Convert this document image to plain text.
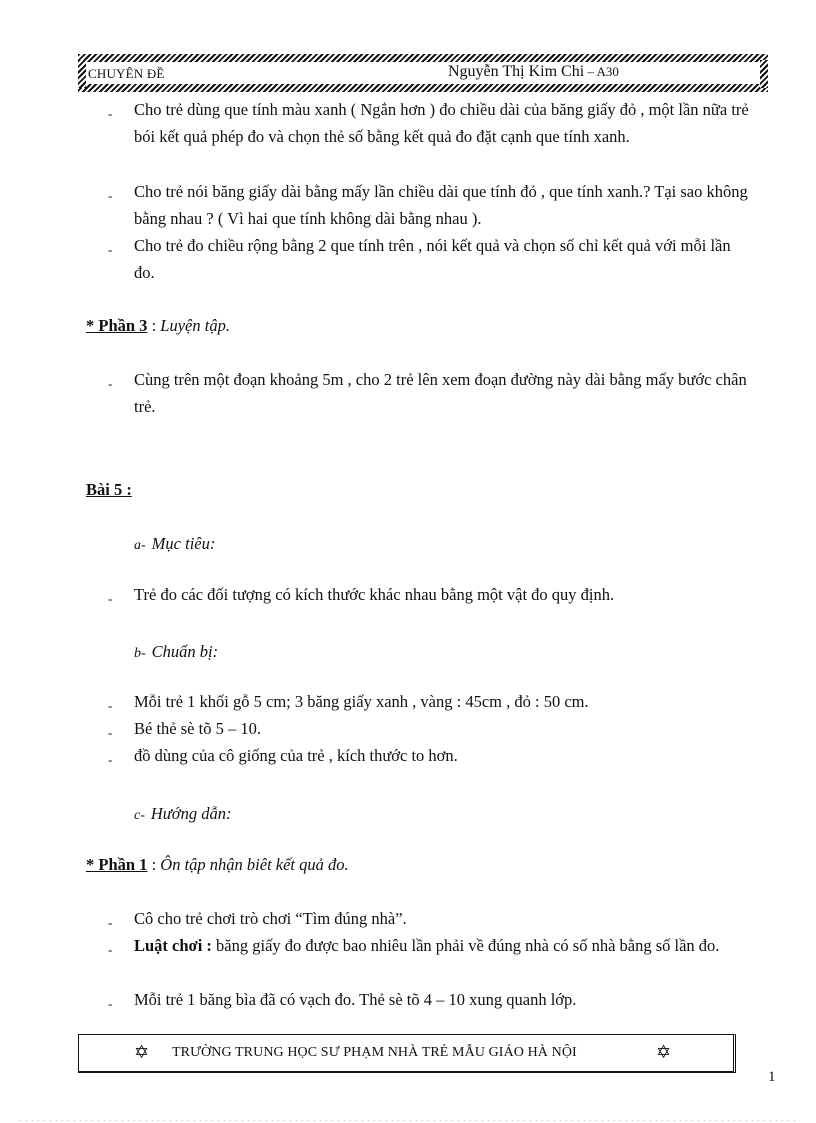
CHUYÊN ĐỀ	Nguyễn Thị Kim Chi – A30
- Cho trẻ dùng que tính màu xanh ( Ngắn hơn ) đo chiều dài của băng giấy đỏ , một lần nữa trẻ bói kết quả phép đo và chọn thẻ số bằng kết quả đo đặt cạnh que tính xanh.
- Cho trẻ nói băng giấy dài bằng mấy lần chiều dài que tính đỏ , que tính xanh.? Tại sao không bằng nhau ? ( Vì hai que tính không dài bằng nhau ).
- Cho trẻ đo chiều rộng bằng 2 que tính trên , nói kết quả và chọn số chỉ kết quả với mỗi lần đo.
* Phần 3 : Luyện tập.
- Cùng trên một đoạn khoảng 5m , cho 2 trẻ lên xem đoạn đường này dài bằng mấy bước chân trẻ.
Bài 5 :
a- Mục tiêu:
- Trẻ đo các đối tượng có kích thước khác nhau bằng một vật đo quy định.
b- Chuẩn bị:
- Mỗi trẻ 1 khối gỗ 5 cm; 3 băng giấy xanh , vàng : 45cm , đỏ : 50 cm.
- Bé thẻ sè tõ 5 – 10.
- đồ dùng của cô giống của trẻ , kích thước to hơn.
c- Hướng dẫn:
* Phần 1 : Ôn tập nhận biêt kết quả đo.
- Cô cho trẻ chơi trò chơi “Tìm đúng nhà”.
- Luật chơi : băng giấy đo được bao nhiêu lần phải về đúng nhà có số nhà bằng số lần đo.
- Mỗi trẻ 1 băng bìa đã có vạch đo. Thẻ sè tõ 4 – 10 xung quanh lớp.
✡ TRƯỜNG TRUNG HỌC SƯ PHẠM NHÀ TRẺ MẪU GIÁO HÀ NỘI	✡
1
